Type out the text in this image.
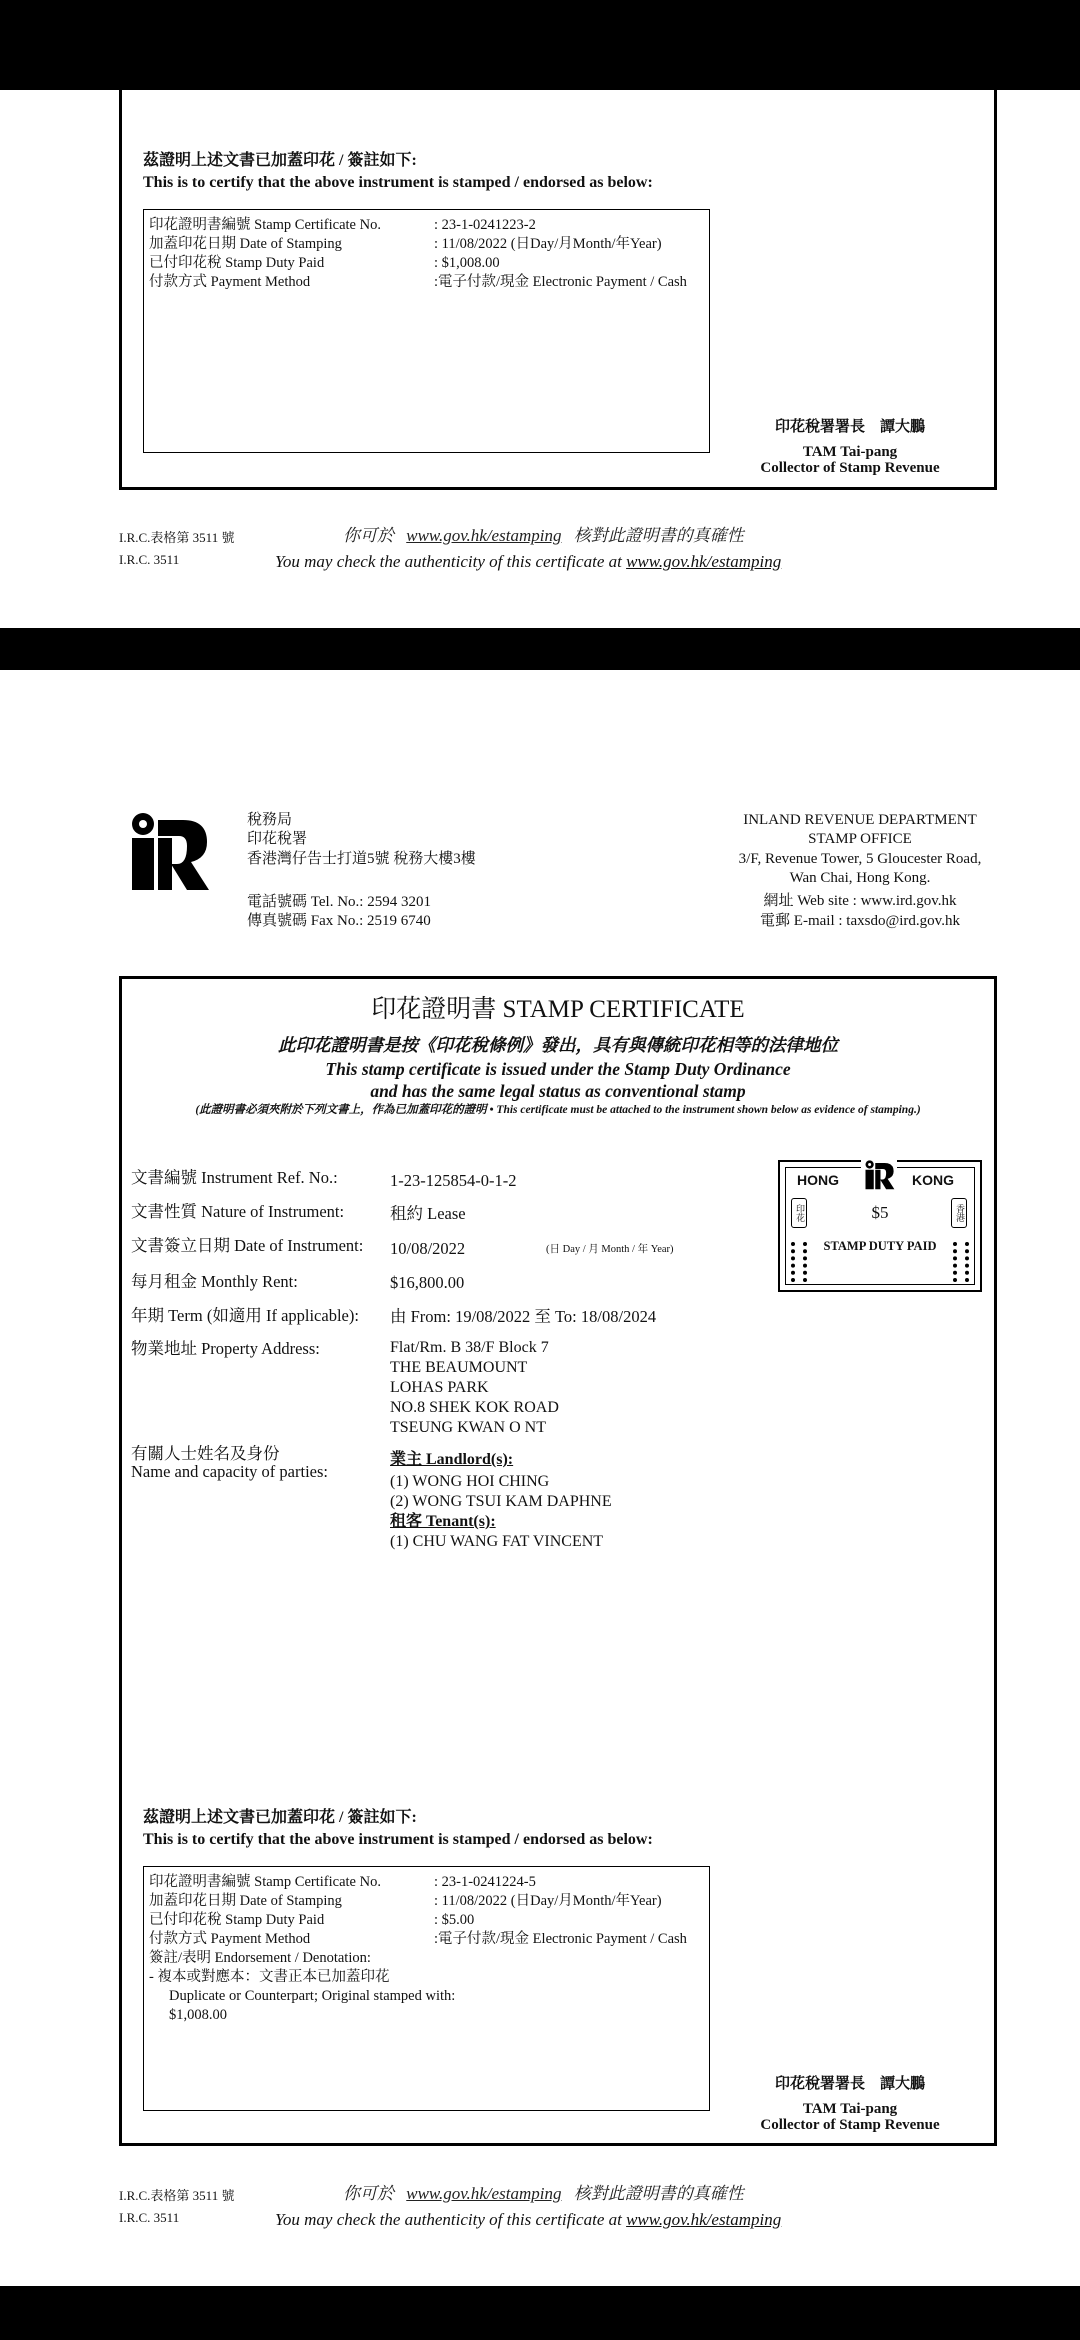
茲證明上述文書已加蓋印花 / 簽註如下:
This is to certify that the above instrument is stamped / endorsed as below:
印花證明書編號 Stamp Certificate No.	: 23-1-0241223-2
加蓋印花日期 Date of Stamping	: 11/08/2022 (日Day/月Month/年Year)
已付印花稅 Stamp Duty Paid	: $1,008.00
付款方式 Payment Method	:電子付款/現金 Electronic Payment / Cash
印花稅署署長　譚大鵬
TAM Tai-pang
Collector of Stamp Revenue
I.R.C.表格第 3511 號
I.R.C. 3511
你可於 www.gov.hk/estamping 核對此證明書的真確性
You may check the authenticity of this certificate at www.gov.hk/estamping
稅務局
印花稅署
香港灣仔告士打道5號 稅務大樓3樓
電話號碼 Tel. No.: 2594 3201
傳真號碼 Fax No.: 2519 6740
INLAND REVENUE DEPARTMENT
STAMP OFFICE
3/F, Revenue Tower, 5 Gloucester Road,
Wan Chai, Hong Kong.
網址 Web site : www.ird.gov.hk
電郵 E-mail : taxsdo@ird.gov.hk
印花證明書 STAMP CERTIFICATE
此印花證明書是按《印花稅條例》發出，具有與傳統印花相等的法律地位
This stamp certificate is issued under the Stamp Duty Ordinance
and has the same legal status as conventional stamp
(此證明書必須夾附於下列文書上，作為已加蓋印花的證明 • This certificate must be attached to the instrument shown below as evidence of stamping.)
文書編號 Instrument Ref. No.:	1-23-125854-0-1-2
文書性質 Nature of Instrument:	租約 Lease
文書簽立日期 Date of Instrument: 10/08/2022	(日 Day / 月 Month / 年 Year)
每月租金 Monthly Rent:	$16,800.00
年期 Term (如適用 If applicable): 由 From: 19/08/2022 至 To: 18/08/2024
物業地址 Property Address:	Flat/Rm. B 38/F Block 7
THE BEAUMOUNT
LOHAS PARK
NO.8 SHEK KOK ROAD
TSEUNG KWAN O NT
有關人士姓名及身份
Name and capacity of parties:
業主 Landlord(s):
(1) WONG HOI CHING
(2) WONG TSUI KAM DAPHNE
租客 Tenant(s):
(1) CHU WANG FAT VINCENT
HONG	KONG
印花	香港
$5
STAMP DUTY PAID
茲證明上述文書已加蓋印花 / 簽註如下:
This is to certify that the above instrument is stamped / endorsed as below:
印花證明書編號 Stamp Certificate No.	: 23-1-0241224-5
加蓋印花日期 Date of Stamping	: 11/08/2022 (日Day/月Month/年Year)
已付印花稅 Stamp Duty Paid	: $5.00
付款方式 Payment Method	:電子付款/現金 Electronic Payment / Cash
簽註/表明 Endorsement / Denotation:
- 複本或對應本：文書正本已加蓋印花
Duplicate or Counterpart; Original stamped with:
$1,008.00
印花稅署署長　譚大鵬
TAM Tai-pang
Collector of Stamp Revenue
I.R.C.表格第 3511 號
I.R.C. 3511
你可於 www.gov.hk/estamping 核對此證明書的真確性
You may check the authenticity of this certificate at www.gov.hk/estamping
